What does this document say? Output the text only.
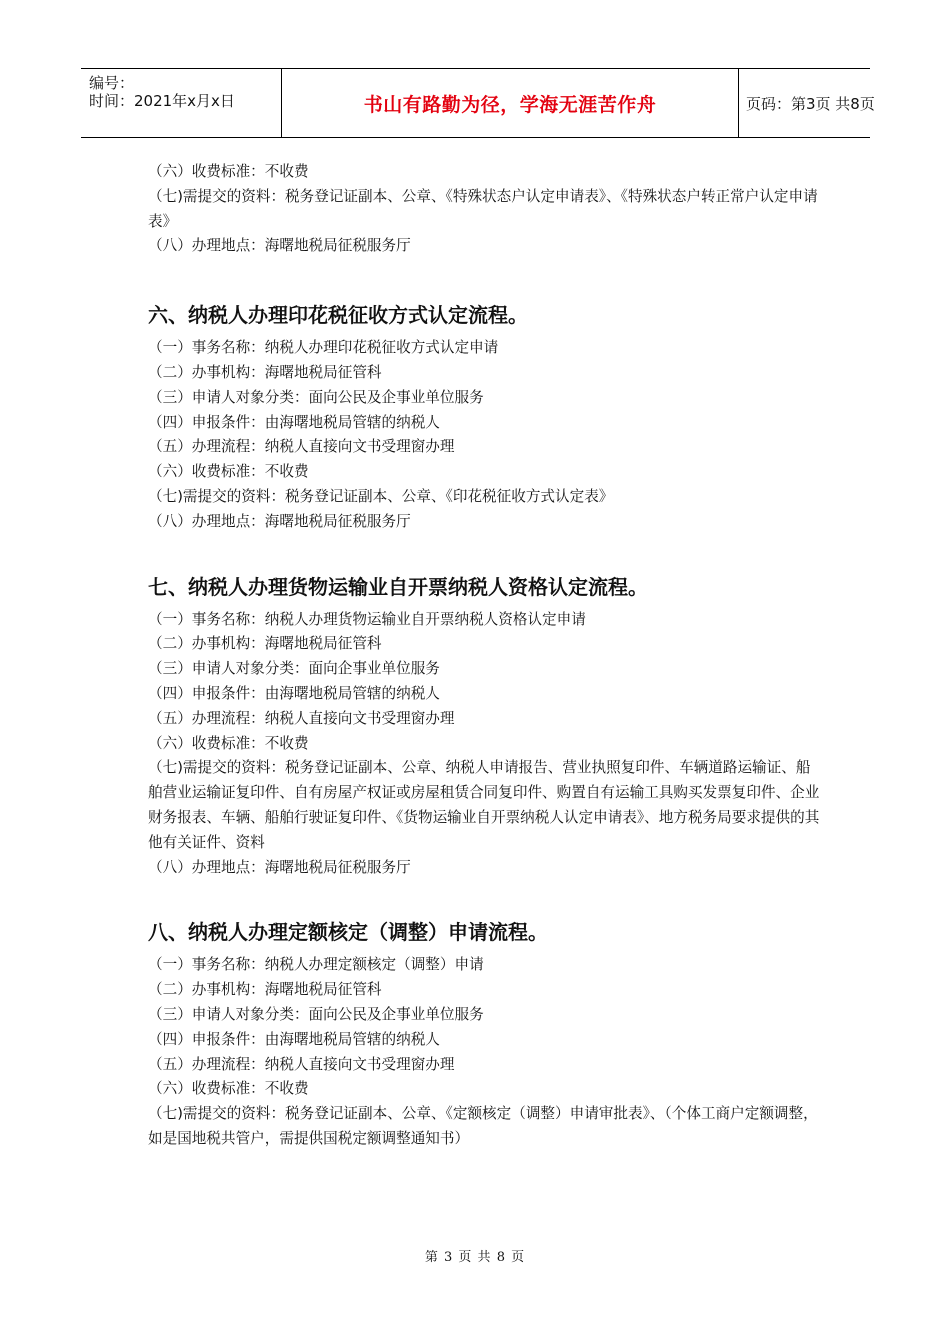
编号：
时间：2021年x月x日	书山有路勤为径，学海无涯苦作舟	页码：第3页 共8页

（六）收费标准：不收费

（七)需提交的资料：税务登记证副本、公章、《特殊状态户认定申请表》、《特殊状态户转正常户认定申请表》

（八）办理地点：海曙地税局征税服务厅

六、纳税人办理印花税征收方式认定流程。

（一）事务名称：纳税人办理印花税征收方式认定申请

（二）办事机构：海曙地税局征管科

（三）申请人对象分类：面向公民及企事业单位服务

（四）申报条件：由海曙地税局管辖的纳税人

（五）办理流程：纳税人直接向文书受理窗办理

（六）收费标准：不收费

（七)需提交的资料：税务登记证副本、公章、《印花税征收方式认定表》

（八）办理地点：海曙地税局征税服务厅

七、纳税人办理货物运输业自开票纳税人资格认定流程。

（一）事务名称：纳税人办理货物运输业自开票纳税人资格认定申请

（二）办事机构：海曙地税局征管科

（三）申请人对象分类：面向企事业单位服务

（四）申报条件：由海曙地税局管辖的纳税人

（五）办理流程：纳税人直接向文书受理窗办理

（六）收费标准：不收费

（七)需提交的资料：税务登记证副本、公章、纳税人申请报告、营业执照复印件、车辆道路运输证、船舶营业运输证复印件、自有房屋产权证或房屋租赁合同复印件、购置自有运输工具购买发票复印件、企业财务报表、车辆、船舶行驶证复印件、《货物运输业自开票纳税人认定申请表》、地方税务局要求提供的其他有关证件、资料

（八）办理地点：海曙地税局征税服务厅

八、纳税人办理定额核定（调整）申请流程。

（一）事务名称：纳税人办理定额核定（调整）申请

（二）办事机构：海曙地税局征管科

（三）申请人对象分类：面向公民及企事业单位服务

（四）申报条件：由海曙地税局管辖的纳税人

（五）办理流程：纳税人直接向文书受理窗办理

（六）收费标准：不收费

（七)需提交的资料：税务登记证副本、公章、《定额核定（调整）申请审批表》、（个体工商户定额调整，如是国地税共管户，需提供国税定额调整通知书）

第 3 页 共 8 页
